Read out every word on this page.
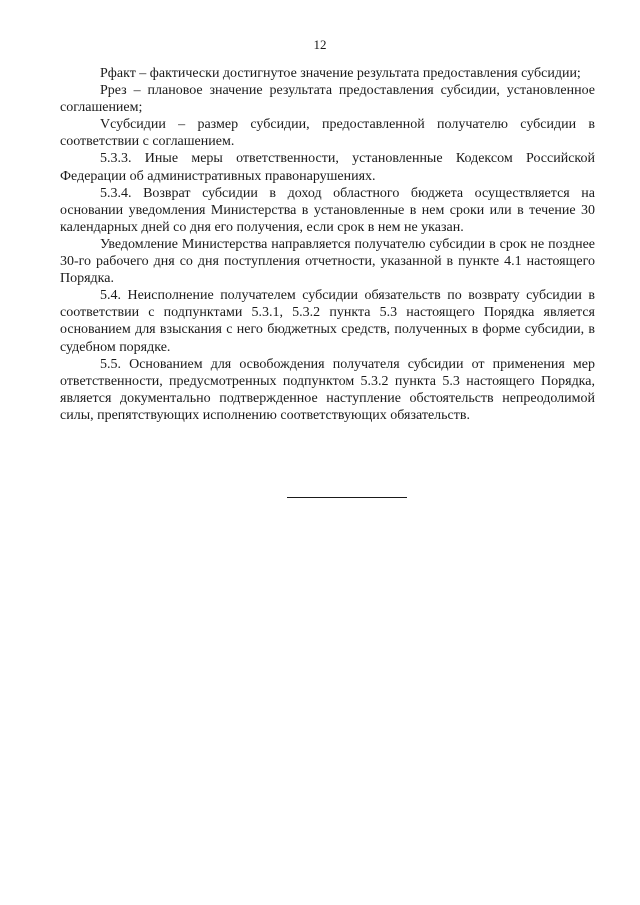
12

Рфакт – фактически достигнутое значение результата предоставления субсидии;

Ррез – плановое значение результата предоставления субсидии, установленное соглашением;

Vсубсидии – размер субсидии, предоставленной получателю субсидии в соответствии с соглашением.

5.3.3. Иные меры ответственности, установленные Кодексом Российской Федерации об административных правонарушениях.

5.3.4. Возврат субсидии в доход областного бюджета осуществляется на основании уведомления Министерства в установленные в нем сроки или в течение 30 календарных дней со дня его получения, если срок в нем не указан.

Уведомление Министерства направляется получателю субсидии в срок не позднее 30-го рабочего дня со дня поступления отчетности, указанной в пункте 4.1 настоящего Порядка.

5.4. Неисполнение получателем субсидии обязательств по возврату субсидии в соответствии с подпунктами 5.3.1, 5.3.2 пункта 5.3 настоящего Порядка является основанием для взыскания с него бюджетных средств, полученных в форме субсидии, в судебном порядке.

5.5. Основанием для освобождения получателя субсидии от применения мер ответственности, предусмотренных подпунктом 5.3.2 пункта 5.3 настоящего Порядка, является документально подтвержденное наступление обстоятельств непреодолимой силы, препятствующих исполнению соответствующих обязательств.
